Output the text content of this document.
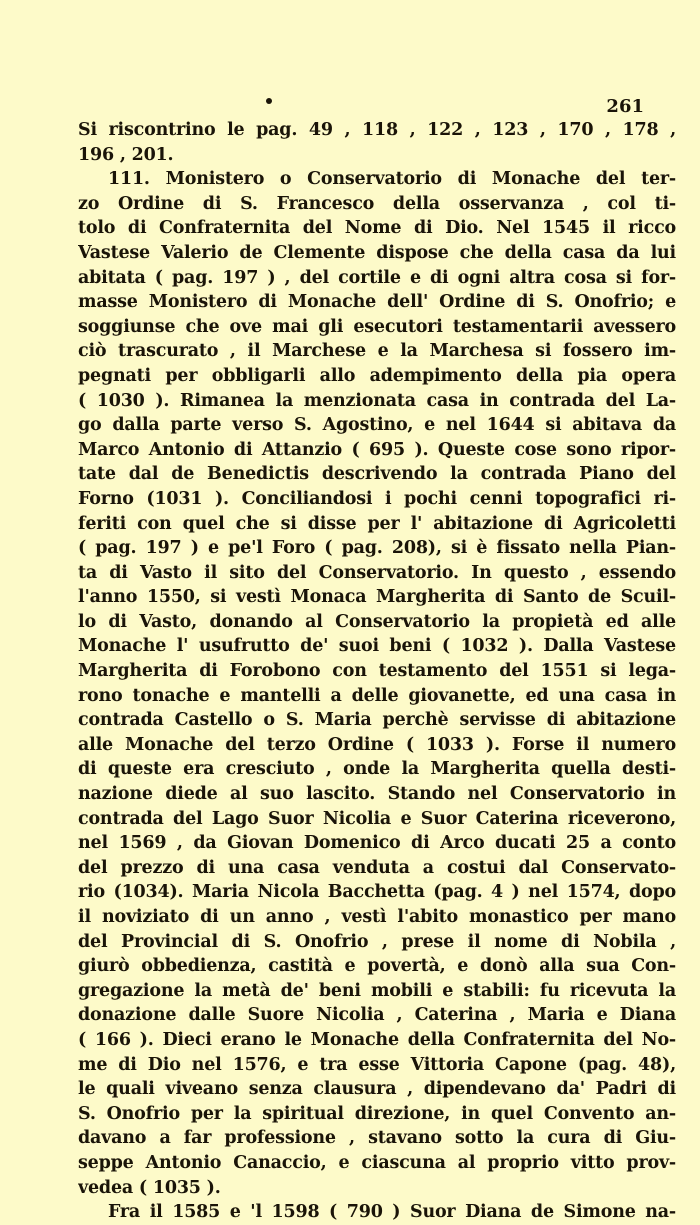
261
Si riscontrino le pag. 49 , 118 , 122 , 123 , 170 , 178 ,
196 , 201.
111. Monistero o Conservatorio di Monache del ter-
zo Ordine di S. Francesco della osservanza , col ti-
tolo di Confraternita del Nome di Dio. Nel 1545 il ricco
Vastese Valerio de Clemente dispose che della casa da lui
abitata ( pag. 197 ) , del cortile e di ogni altra cosa si for-
masse Monistero di Monache dell' Ordine di S. Onofrio; e
soggiunse che ove mai gli esecutori testamentarii avessero
ciò trascurato , il Marchese e la Marchesa si fossero im-
pegnati per obbligarli allo adempimento della pia opera
( 1030 ). Rimanea la menzionata casa in contrada del La-
go dalla parte verso S. Agostino, e nel 1644 si abitava da
Marco Antonio di Attanzio ( 695 ). Queste cose sono ripor-
tate dal de Benedictis descrivendo la contrada Piano del
Forno (1031 ). Conciliandosi i pochi cenni topografici ri-
feriti con quel che si disse per l' abitazione di Agricoletti
( pag. 197 ) e pe'l Foro ( pag. 208), si è fissato nella Pian-
ta di Vasto il sito del Conservatorio. In questo , essendo
l'anno 1550, si vestì Monaca Margherita di Santo de Scuil-
lo di Vasto, donando al Conservatorio la propietà ed alle
Monache l' usufrutto de' suoi beni ( 1032 ). Dalla Vastese
Margherita di Forobono con testamento del 1551 si lega-
rono tonache e mantelli a delle giovanette, ed una casa in
contrada Castello o S. Maria perchè servisse di abitazione
alle Monache del terzo Ordine ( 1033 ). Forse il numero
di queste era cresciuto , onde la Margherita quella desti-
nazione diede al suo lascito. Stando nel Conservatorio in
contrada del Lago Suor Nicolia e Suor Caterina riceverono,
nel 1569 , da Giovan Domenico di Arco ducati 25 a conto
del prezzo di una casa venduta a costui dal Conservato-
rio (1034). Maria Nicola Bacchetta (pag. 4 ) nel 1574, dopo
il noviziato di un anno , vestì l'abito monastico per mano
del Provincial di S. Onofrio , prese il nome di Nobila ,
giurò obbedienza, castità e povertà, e donò alla sua Con-
gregazione la metà de' beni mobili e stabili: fu ricevuta la
donazione dalle Suore Nicolia , Caterina , Maria e Diana
( 166 ). Dieci erano le Monache della Confraternita del No-
me di Dio nel 1576, e tra esse Vittoria Capone (pag. 48),
le quali viveano senza clausura , dipendevano da' Padri di
S. Onofrio per la spiritual direzione, in quel Convento an-
davano a far professione , stavano sotto la cura di Giu-
seppe Antonio Canaccio, e ciascuna al proprio vitto prov-
vedea ( 1035 ).
Fra il 1585 e 'l 1598 ( 790 ) Suor Diana de Simone na-
